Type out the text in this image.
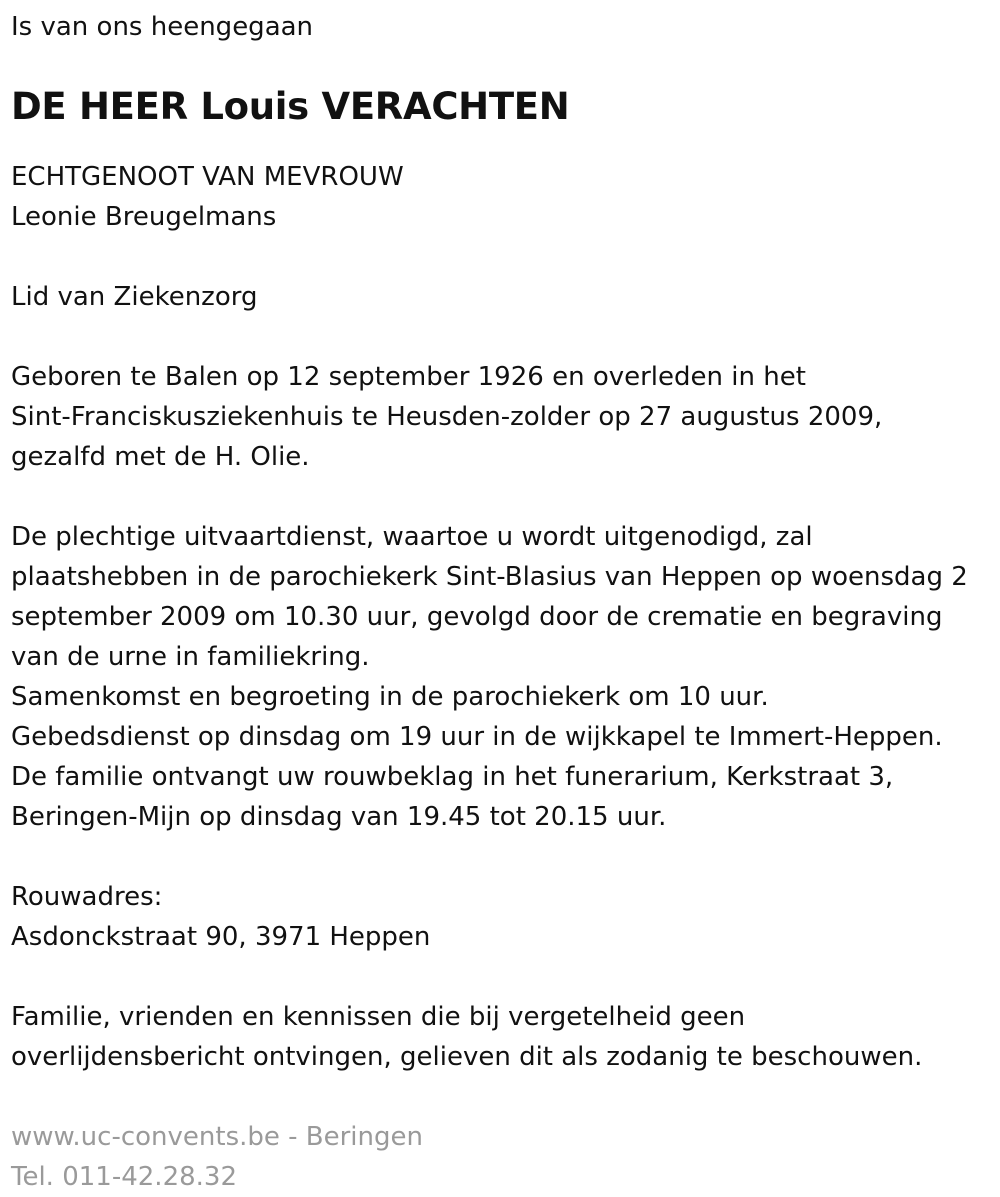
Is van ons heengegaan

DE HEER Louis VERACHTEN

ECHTGENOOT VAN MEVROUW

Leonie Breugelmans

Lid van Ziekenzorg

Geboren te Balen op 12 september 1926 en overleden in het

Sint-Franciskusziekenhuis te Heusden-zolder op 27 augustus 2009,

gezalfd met de H. Olie.

De plechtige uitvaartdienst, waartoe u wordt uitgenodigd, zal

plaatshebben in de parochiekerk Sint-Blasius van Heppen op woensdag 2

september 2009 om 10.30 uur, gevolgd door de crematie en begraving

van de urne in familiekring.

Samenkomst en begroeting in de parochiekerk om 10 uur.

Gebedsdienst op dinsdag om 19 uur in de wijkkapel te Immert-Heppen.

De familie ontvangt uw rouwbeklag in het funerarium, Kerkstraat 3,

Beringen-Mijn op dinsdag van 19.45 tot 20.15 uur.

Rouwadres:

Asdonckstraat 90, 3971 Heppen

Familie, vrienden en kennissen die bij vergetelheid geen

overlijdensbericht ontvingen, gelieven dit als zodanig te beschouwen.

www.uc-convents.be - Beringen

Tel. 011-42.28.32
